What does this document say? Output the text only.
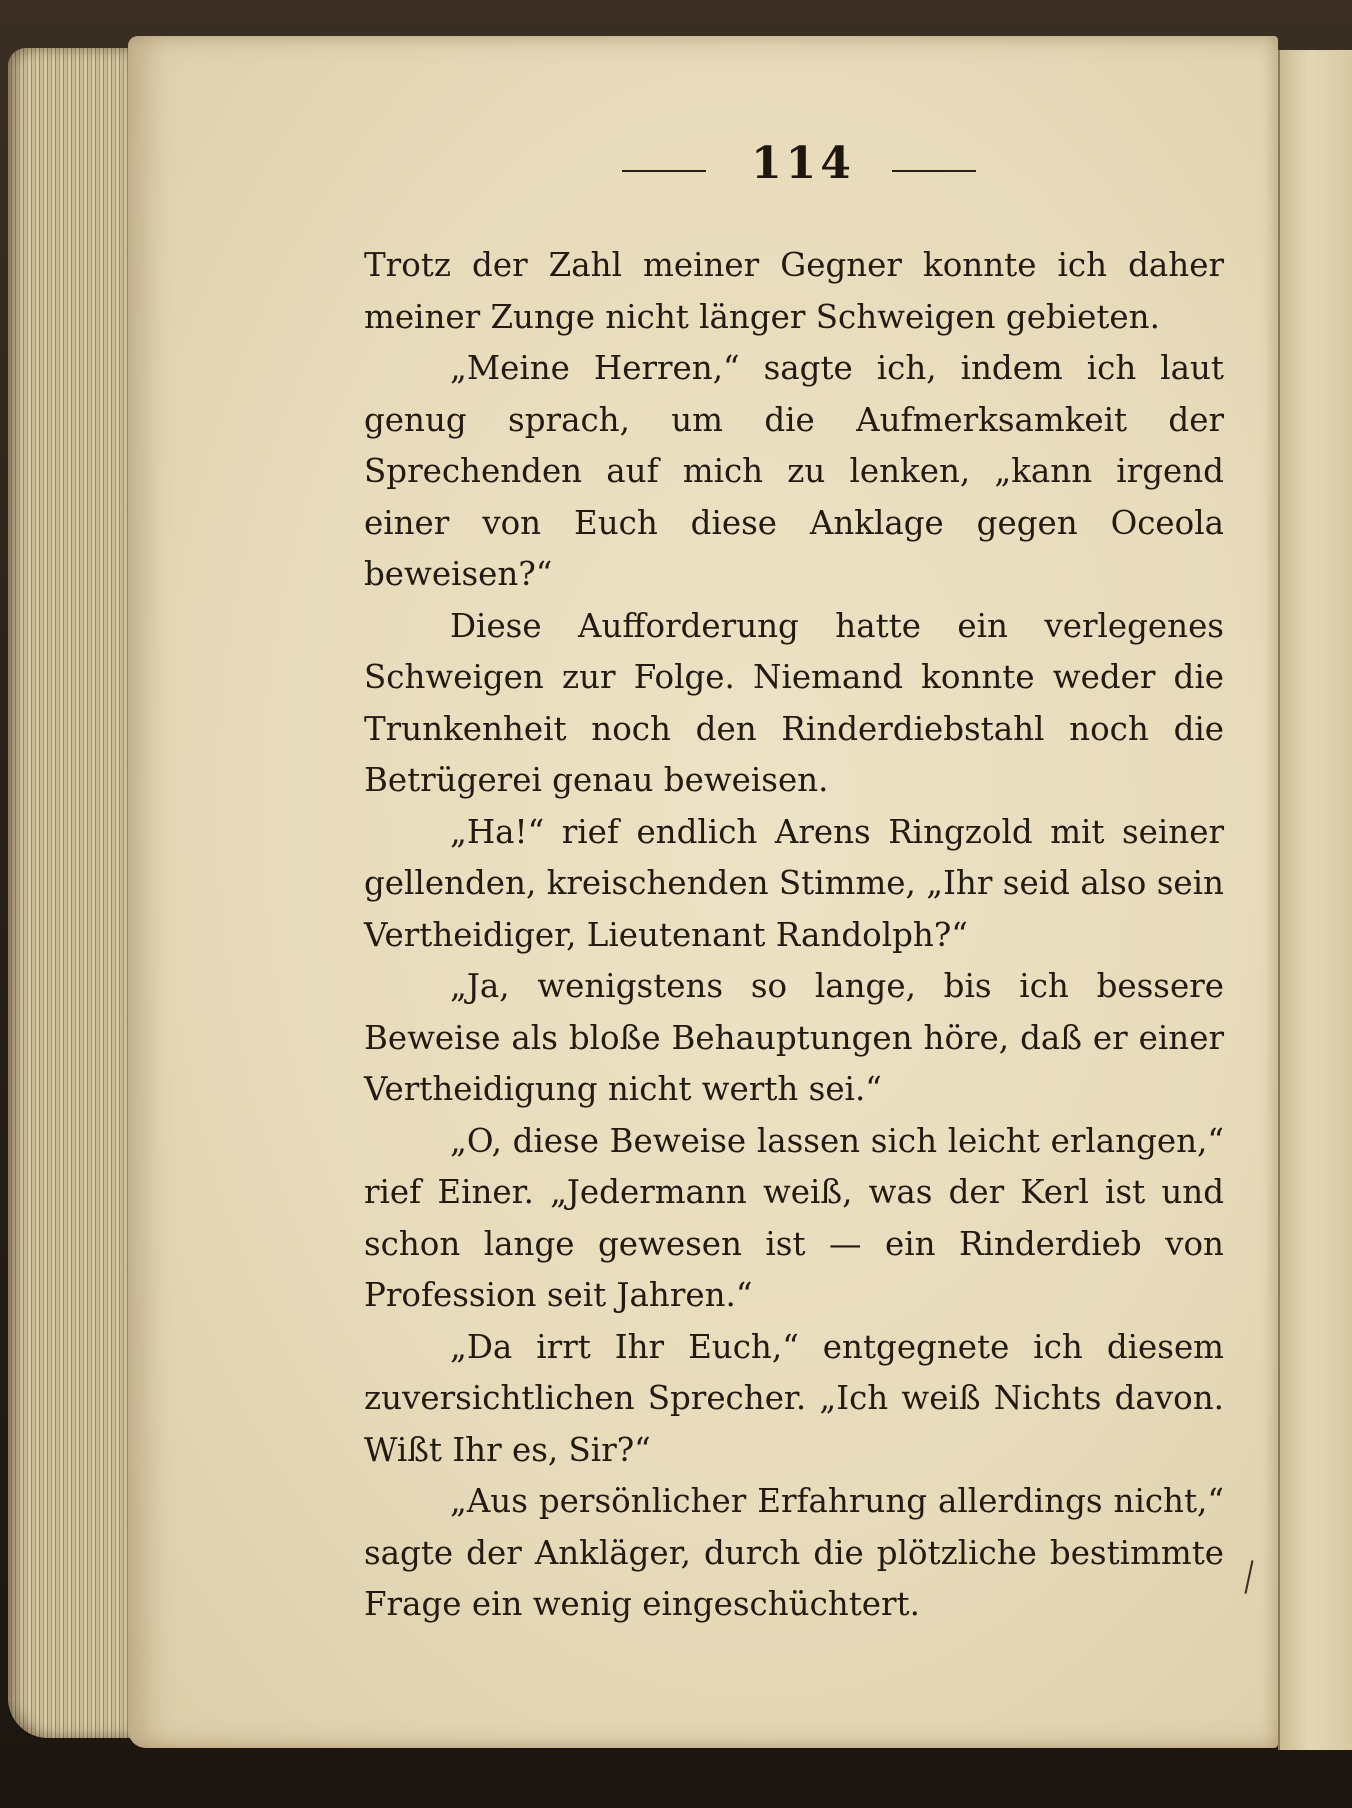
114

Trotz der Zahl meiner Gegner konnte ich daher meiner Zunge nicht länger Schweigen gebieten.

„Meine Herren,“ sagte ich, indem ich laut genug sprach, um die Aufmerksamkeit der Sprechenden auf mich zu lenken, „kann irgend einer von Euch diese Anklage gegen Oceola beweisen?“

Diese Aufforderung hatte ein verlegenes Schweigen zur Folge. Niemand konnte weder die Trunkenheit noch den Rinderdiebstahl noch die Betrügerei genau beweisen.

„Ha!“ rief endlich Arens Ringzold mit seiner gellenden, kreischenden Stimme, „Ihr seid also sein Vertheidiger, Lieutenant Randolph?“

„Ja, wenigstens so lange, bis ich bessere Beweise als bloße Behauptungen höre, daß er einer Vertheidigung nicht werth sei.“

„O, diese Beweise lassen sich leicht erlangen,“ rief Einer. „Jedermann weiß, was der Kerl ist und schon lange gewesen ist — ein Rinderdieb von Profession seit Jahren.“

„Da irrt Ihr Euch,“ entgegnete ich diesem zuversichtlichen Sprecher. „Ich weiß Nichts davon. Wißt Ihr es, Sir?“

„Aus persönlicher Erfahrung allerdings nicht,“ sagte der Ankläger, durch die plötzliche bestimmte Frage ein wenig eingeschüchtert.
